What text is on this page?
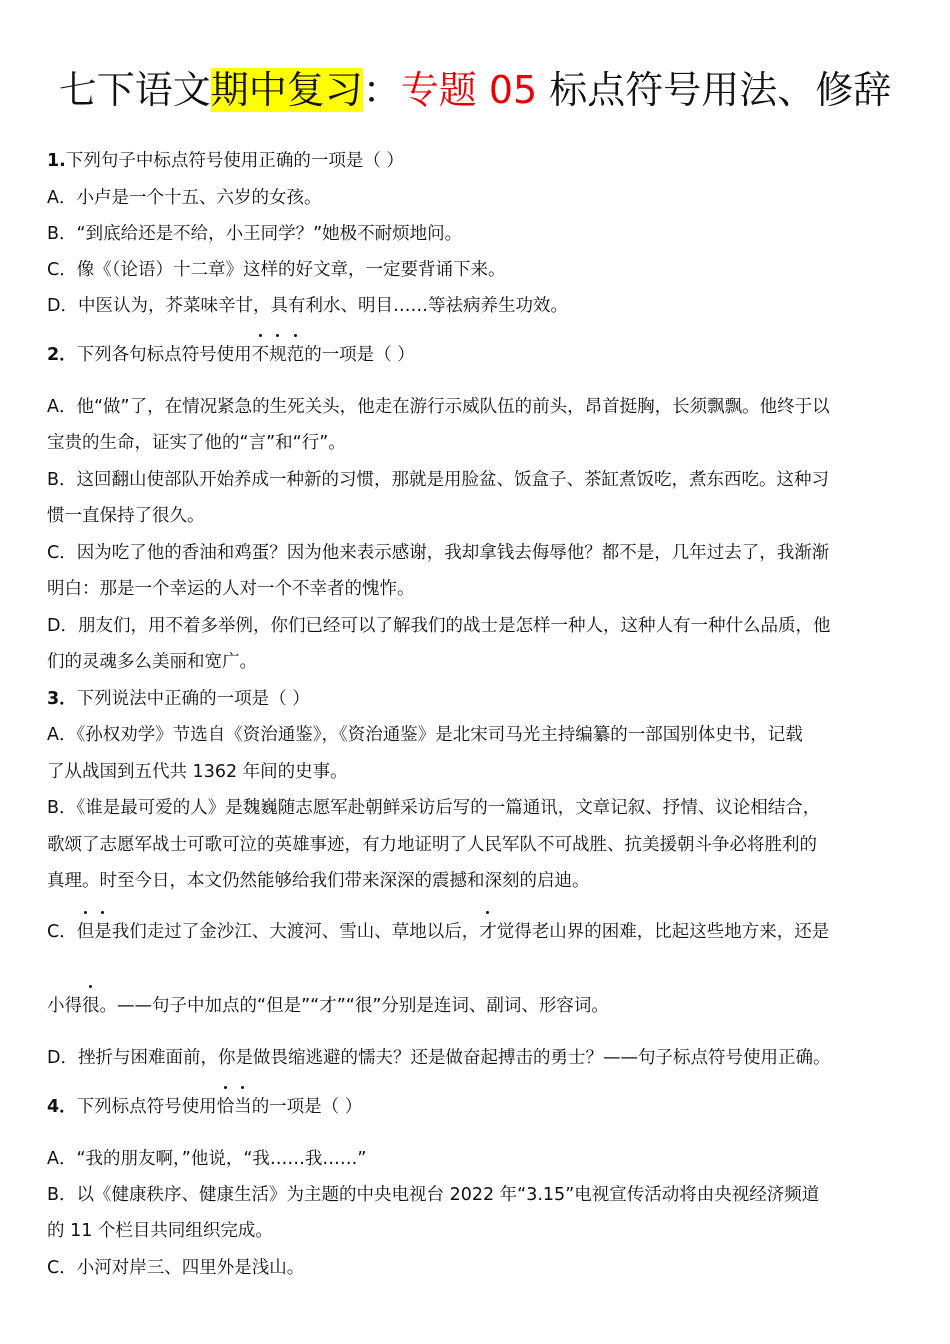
七下语文期中复习：专题 05 标点符号用法、修辞
1.下列句子中标点符号使用正确的一项是（ ）
A．小卢是一个十五、六岁的女孩。
B．“到底给还是不给，小王同学？”她极不耐烦地问。
C．像《（论语）十二章》这样的好文章，一定要背诵下来。
D．中医认为，芥菜味辛甘，具有利水、明目……等祛病养生功效。
2．下列各句标点符号使用不规范的一项是（ ）
A．他“做”了，在情况紧急的生死关头，他走在游行示威队伍的前头，昂首挺胸，长须飘飘。他终于以
宝贵的生命，证实了他的“言”和“行”。
B．这回翻山使部队开始养成一种新的习惯，那就是用脸盆、饭盒子、茶缸煮饭吃，煮东西吃。这种习
惯一直保持了很久。
C．因为吃了他的香油和鸡蛋？因为他来表示感谢，我却拿钱去侮辱他？都不是，几年过去了，我渐渐
明白：那是一个幸运的人对一个不幸者的愧怍。
D．朋友们，用不着多举例，你们已经可以了解我们的战士是怎样一种人，这种人有一种什么品质，他
们的灵魂多么美丽和宽广。
3．下列说法中正确的一项是（ ）
A．《孙权劝学》节选自《资治通鉴》，《资治通鉴》是北宋司马光主持编纂的一部国别体史书，记载
了从战国到五代共 1362 年间的史事。
B．《谁是最可爱的人》是魏巍随志愿军赴朝鲜采访后写的一篇通讯，文章记叙、抒情、议论相结合，
歌颂了志愿军战士可歌可泣的英雄事迹，有力地证明了人民军队不可战胜、抗美援朝斗争必将胜利的
真理。时至今日，本文仍然能够给我们带来深深的震撼和深刻的启迪。
C．但是我们走过了金沙江、大渡河、雪山、草地以后，才觉得老山界的困难，比起这些地方来，还是
小得很。——句子中加点的“但是”“才”“很”分别是连词、副词、形容词。
D．挫折与困难面前，你是做畏缩逃避的懦夫？还是做奋起搏击的勇士？——句子标点符号使用正确。
4．下列标点符号使用恰当的一项是（ ）
A．“我的朋友啊，”他说，“我……我……”
B．以《健康秩序、健康生活》为主题的中央电视台 2022 年“3.15”电视宣传活动将由央视经济频道
的 11 个栏目共同组织完成。
C．小河对岸三、四里外是浅山。
